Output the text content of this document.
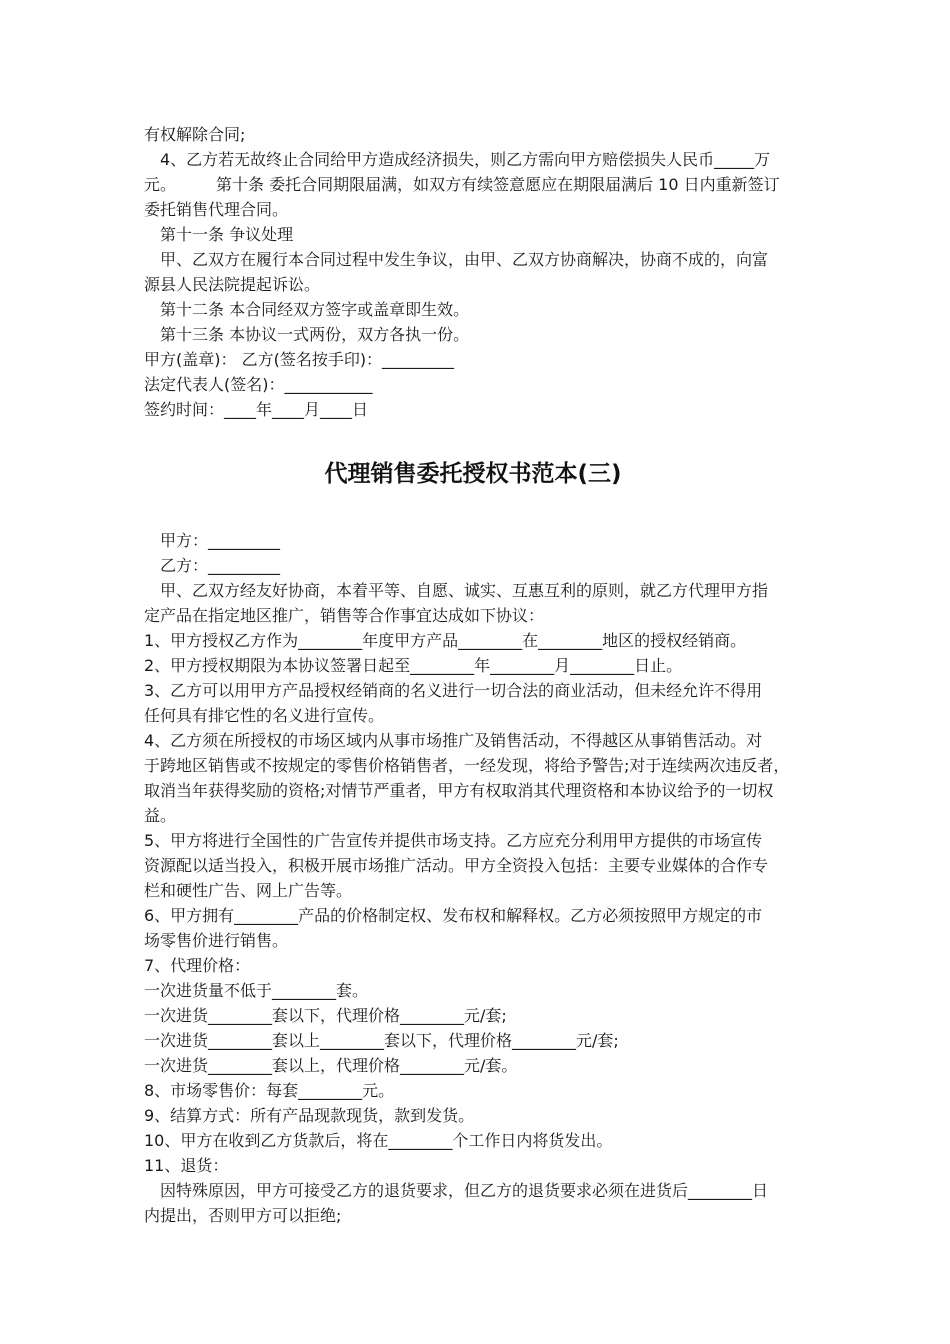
有权解除合同;
4、乙方若无故终止合同给甲方造成经济损失，则乙方需向甲方赔偿损失人民币_____万
元。　　　第十条 委托合同期限届满，如双方有续签意愿应在期限届满后 10 日内重新签订
委托销售代理合同。
第十一条 争议处理
甲、乙双方在履行本合同过程中发生争议，由甲、乙双方协商解决，协商不成的，向富
源县人民法院提起诉讼。
第十二条 本合同经双方签字或盖章即生效。
第十三条 本协议一式两份，双方各执一份。
甲方(盖章)： 乙方(签名按手印)：_________
法定代表人(签名)：___________
签约时间：____年____月____日
代理销售委托授权书范本(三)
甲方：_________
乙方：_________
甲、乙双方经友好协商，本着平等、自愿、诚实、互惠互利的原则，就乙方代理甲方指
定产品在指定地区推广，销售等合作事宜达成如下协议：
1、甲方授权乙方作为________年度甲方产品________在________地区的授权经销商。
2、甲方授权期限为本协议签署日起至________年________月________日止。
3、乙方可以用甲方产品授权经销商的名义进行一切合法的商业活动，但未经允许不得用
任何具有排它性的名义进行宣传。
4、乙方须在所授权的市场区域内从事市场推广及销售活动，不得越区从事销售活动。对
于跨地区销售或不按规定的零售价格销售者，一经发现，将给予警告;对于连续两次违反者，
取消当年获得奖励的资格;对情节严重者，甲方有权取消其代理资格和本协议给予的一切权
益。
5、甲方将进行全国性的广告宣传并提供市场支持。乙方应充分利用甲方提供的市场宣传
资源配以适当投入，积极开展市场推广活动。甲方全资投入包括：主要专业媒体的合作专
栏和硬性广告、网上广告等。
6、甲方拥有________产品的价格制定权、发布权和解释权。乙方必须按照甲方规定的市
场零售价进行销售。
7、代理价格：
一次进货量不低于________套。
一次进货________套以下，代理价格________元/套;
一次进货________套以上________套以下，代理价格________元/套;
一次进货________套以上，代理价格________元/套。
8、市场零售价：每套________元。
9、结算方式：所有产品现款现货，款到发货。
10、甲方在收到乙方货款后，将在________个工作日内将货发出。
11、退货：
因特殊原因，甲方可接受乙方的退货要求，但乙方的退货要求必须在进货后________日
内提出，否则甲方可以拒绝;
